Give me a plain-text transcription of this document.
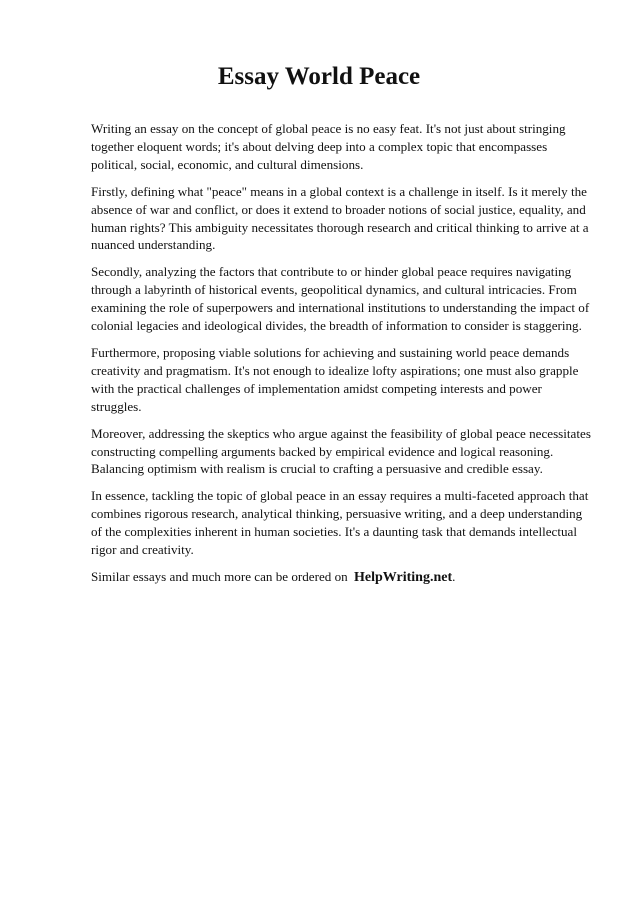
Essay World Peace

Writing an essay on the concept of global peace is no easy feat. It's not just about stringing together eloquent words; it's about delving deep into a complex topic that encompasses political, social, economic, and cultural dimensions.

Firstly, defining what "peace" means in a global context is a challenge in itself. Is it merely the absence of war and conflict, or does it extend to broader notions of social justice, equality, and human rights? This ambiguity necessitates thorough research and critical thinking to arrive at a nuanced understanding.

Secondly, analyzing the factors that contribute to or hinder global peace requires navigating through a labyrinth of historical events, geopolitical dynamics, and cultural intricacies. From examining the role of superpowers and international institutions to understanding the impact of colonial legacies and ideological divides, the breadth of information to consider is staggering.

Furthermore, proposing viable solutions for achieving and sustaining world peace demands creativity and pragmatism. It's not enough to idealize lofty aspirations; one must also grapple with the practical challenges of implementation amidst competing interests and power struggles.

Moreover, addressing the skeptics who argue against the feasibility of global peace necessitates constructing compelling arguments backed by empirical evidence and logical reasoning. Balancing optimism with realism is crucial to crafting a persuasive and credible essay.

In essence, tackling the topic of global peace in an essay requires a multi-faceted approach that combines rigorous research, analytical thinking, persuasive writing, and a deep understanding of the complexities inherent in human societies. It's a daunting task that demands intellectual rigor and creativity.

Similar essays and much more can be ordered on HelpWriting.net.
